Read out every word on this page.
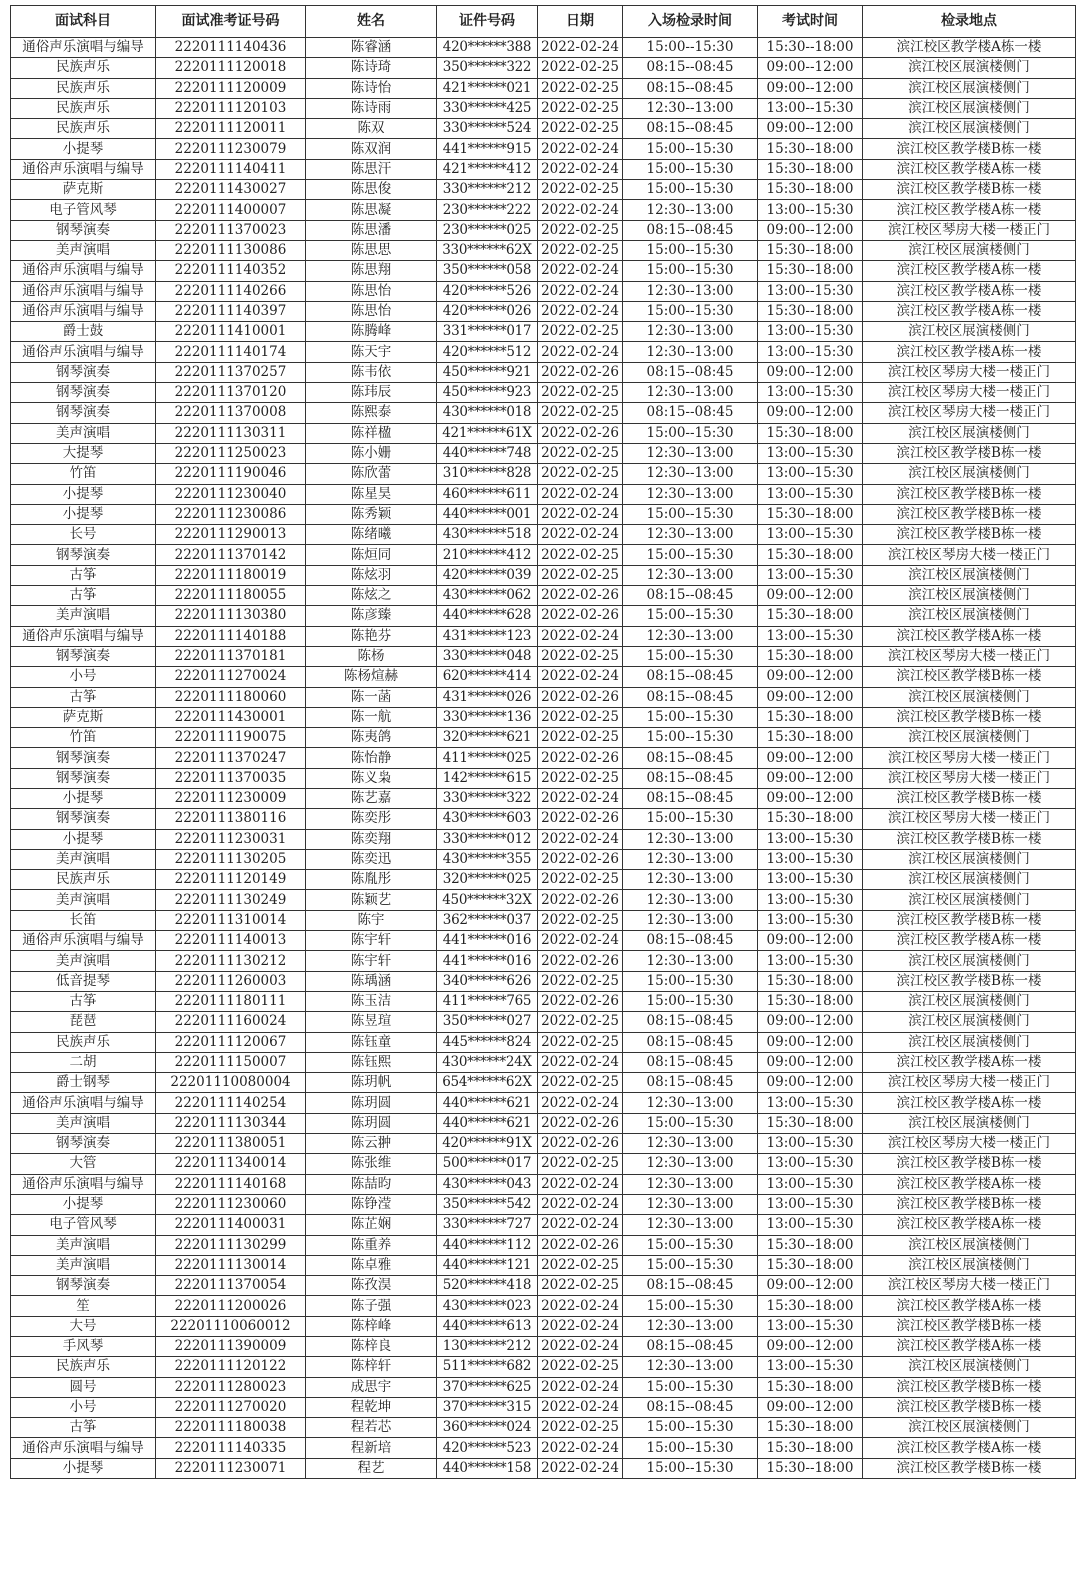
面试科目	面试准考证号码	姓名	证件号码	日期	入场检录时间	考试时间	检录地点
通俗声乐演唱与编导	2220111140436	陈睿涵	420******388	2022-02-24	15:00--15:30	15:30--18:00	滨江校区教学楼A栋一楼
民族声乐	2220111120018	陈诗琦	350******322	2022-02-25	08:15--08:45	09:00--12:00	滨江校区展演楼侧门
民族声乐	2220111120009	陈诗怡	421******021	2022-02-25	08:15--08:45	09:00--12:00	滨江校区展演楼侧门
民族声乐	2220111120103	陈诗雨	330******425	2022-02-25	12:30--13:00	13:00--15:30	滨江校区展演楼侧门
民族声乐	2220111120011	陈双	330******524	2022-02-25	08:15--08:45	09:00--12:00	滨江校区展演楼侧门
小提琴	2220111230079	陈双润	441******915	2022-02-24	15:00--15:30	15:30--18:00	滨江校区教学楼B栋一楼
通俗声乐演唱与编导	2220111140411	陈思汗	421******412	2022-02-24	15:00--15:30	15:30--18:00	滨江校区教学楼A栋一楼
萨克斯	2220111430027	陈思俊	330******212	2022-02-25	15:00--15:30	15:30--18:00	滨江校区教学楼B栋一楼
电子管风琴	2220111400007	陈思凝	230******222	2022-02-24	12:30--13:00	13:00--15:30	滨江校区教学楼A栋一楼
钢琴演奏	2220111370023	陈思潘	230******025	2022-02-25	08:15--08:45	09:00--12:00	滨江校区琴房大楼一楼正门
美声演唱	2220111130086	陈思思	330******62X	2022-02-25	15:00--15:30	15:30--18:00	滨江校区展演楼侧门
通俗声乐演唱与编导	2220111140352	陈思翔	350******058	2022-02-24	15:00--15:30	15:30--18:00	滨江校区教学楼A栋一楼
通俗声乐演唱与编导	2220111140266	陈思怡	420******526	2022-02-24	12:30--13:00	13:00--15:30	滨江校区教学楼A栋一楼
通俗声乐演唱与编导	2220111140397	陈思怡	420******026	2022-02-24	15:00--15:30	15:30--18:00	滨江校区教学楼A栋一楼
爵士鼓	2220111410001	陈腾峰	331******017	2022-02-25	12:30--13:00	13:00--15:30	滨江校区展演楼侧门
通俗声乐演唱与编导	2220111140174	陈天宇	420******512	2022-02-24	12:30--13:00	13:00--15:30	滨江校区教学楼A栋一楼
钢琴演奏	2220111370257	陈韦依	450******921	2022-02-26	08:15--08:45	09:00--12:00	滨江校区琴房大楼一楼正门
钢琴演奏	2220111370120	陈玮辰	450******923	2022-02-25	12:30--13:00	13:00--15:30	滨江校区琴房大楼一楼正门
钢琴演奏	2220111370008	陈熙泰	430******018	2022-02-25	08:15--08:45	09:00--12:00	滨江校区琴房大楼一楼正门
美声演唱	2220111130311	陈祥楹	421******61X	2022-02-26	15:00--15:30	15:30--18:00	滨江校区展演楼侧门
大提琴	2220111250023	陈小姗	440******748	2022-02-25	12:30--13:00	13:00--15:30	滨江校区教学楼B栋一楼
竹笛	2220111190046	陈欣蕾	310******828	2022-02-25	12:30--13:00	13:00--15:30	滨江校区展演楼侧门
小提琴	2220111230040	陈星昊	460******611	2022-02-24	12:30--13:00	13:00--15:30	滨江校区教学楼B栋一楼
小提琴	2220111230086	陈秀颖	440******001	2022-02-24	15:00--15:30	15:30--18:00	滨江校区教学楼B栋一楼
长号	2220111290013	陈绪曦	430******518	2022-02-24	12:30--13:00	13:00--15:30	滨江校区教学楼B栋一楼
钢琴演奏	2220111370142	陈烜同	210******412	2022-02-25	15:00--15:30	15:30--18:00	滨江校区琴房大楼一楼正门
古筝	2220111180019	陈炫羽	420******039	2022-02-25	12:30--13:00	13:00--15:30	滨江校区展演楼侧门
古筝	2220111180055	陈炫之	430******062	2022-02-26	08:15--08:45	09:00--12:00	滨江校区展演楼侧门
美声演唱	2220111130380	陈彦臻	440******628	2022-02-26	15:00--15:30	15:30--18:00	滨江校区展演楼侧门
通俗声乐演唱与编导	2220111140188	陈艳芬	431******123	2022-02-24	12:30--13:00	13:00--15:30	滨江校区教学楼A栋一楼
钢琴演奏	2220111370181	陈杨	330******048	2022-02-25	15:00--15:30	15:30--18:00	滨江校区琴房大楼一楼正门
小号	2220111270024	陈杨煊赫	620******414	2022-02-24	08:15--08:45	09:00--12:00	滨江校区教学楼B栋一楼
古筝	2220111180060	陈一菡	431******026	2022-02-26	08:15--08:45	09:00--12:00	滨江校区展演楼侧门
萨克斯	2220111430001	陈一航	330******136	2022-02-25	15:00--15:30	15:30--18:00	滨江校区教学楼B栋一楼
竹笛	2220111190075	陈夷鸽	320******621	2022-02-25	15:00--15:30	15:30--18:00	滨江校区展演楼侧门
钢琴演奏	2220111370247	陈怡静	411******025	2022-02-26	08:15--08:45	09:00--12:00	滨江校区琴房大楼一楼正门
钢琴演奏	2220111370035	陈义枭	142******615	2022-02-25	08:15--08:45	09:00--12:00	滨江校区琴房大楼一楼正门
小提琴	2220111230009	陈艺嘉	330******322	2022-02-24	08:15--08:45	09:00--12:00	滨江校区教学楼B栋一楼
钢琴演奏	2220111380116	陈奕彤	430******603	2022-02-26	15:00--15:30	15:30--18:00	滨江校区琴房大楼一楼正门
小提琴	2220111230031	陈奕翔	330******012	2022-02-24	12:30--13:00	13:00--15:30	滨江校区教学楼B栋一楼
美声演唱	2220111130205	陈奕迅	430******355	2022-02-26	12:30--13:00	13:00--15:30	滨江校区展演楼侧门
民族声乐	2220111120149	陈胤彤	320******025	2022-02-25	12:30--13:00	13:00--15:30	滨江校区展演楼侧门
美声演唱	2220111130249	陈颖艺	450******32X	2022-02-26	12:30--13:00	13:00--15:30	滨江校区展演楼侧门
长笛	2220111310014	陈宇	362******037	2022-02-25	12:30--13:00	13:00--15:30	滨江校区教学楼B栋一楼
通俗声乐演唱与编导	2220111140013	陈宇轩	441******016	2022-02-24	08:15--08:45	09:00--12:00	滨江校区教学楼A栋一楼
美声演唱	2220111130212	陈宇轩	441******016	2022-02-26	12:30--13:00	13:00--15:30	滨江校区展演楼侧门
低音提琴	2220111260003	陈瑀涵	340******626	2022-02-25	15:00--15:30	15:30--18:00	滨江校区教学楼B栋一楼
古筝	2220111180111	陈玉洁	411******765	2022-02-26	15:00--15:30	15:30--18:00	滨江校区展演楼侧门
琵琶	2220111160024	陈昱瑄	350******027	2022-02-25	08:15--08:45	09:00--12:00	滨江校区展演楼侧门
民族声乐	2220111120067	陈钰童	445******824	2022-02-25	08:15--08:45	09:00--12:00	滨江校区展演楼侧门
二胡	2220111150007	陈钰熙	430******24X	2022-02-24	08:15--08:45	09:00--12:00	滨江校区教学楼A栋一楼
爵士钢琴	22201110080004	陈玥帆	654******62X	2022-02-25	08:15--08:45	09:00--12:00	滨江校区琴房大楼一楼正门
通俗声乐演唱与编导	2220111140254	陈玥圆	440******621	2022-02-24	12:30--13:00	13:00--15:30	滨江校区教学楼A栋一楼
美声演唱	2220111130344	陈玥圆	440******621	2022-02-26	15:00--15:30	15:30--18:00	滨江校区展演楼侧门
钢琴演奏	2220111380051	陈云翀	420******91X	2022-02-26	12:30--13:00	13:00--15:30	滨江校区琴房大楼一楼正门
大管	2220111340014	陈张维	500******017	2022-02-25	12:30--13:00	13:00--15:30	滨江校区教学楼B栋一楼
通俗声乐演唱与编导	2220111140168	陈喆昀	430******043	2022-02-24	12:30--13:00	13:00--15:30	滨江校区教学楼A栋一楼
小提琴	2220111230060	陈铮滢	350******542	2022-02-24	12:30--13:00	13:00--15:30	滨江校区教学楼B栋一楼
电子管风琴	2220111400031	陈芷娴	330******727	2022-02-24	12:30--13:00	13:00--15:30	滨江校区教学楼A栋一楼
美声演唱	2220111130299	陈重养	440******112	2022-02-26	15:00--15:30	15:30--18:00	滨江校区展演楼侧门
美声演唱	2220111130014	陈卓雅	440******121	2022-02-25	15:00--15:30	15:30--18:00	滨江校区展演楼侧门
钢琴演奏	2220111370054	陈孜淏	520******418	2022-02-25	08:15--08:45	09:00--12:00	滨江校区琴房大楼一楼正门
笙	2220111200026	陈子强	430******023	2022-02-24	15:00--15:30	15:30--18:00	滨江校区教学楼A栋一楼
大号	22201110060012	陈梓峰	440******613	2022-02-24	12:30--13:00	13:00--15:30	滨江校区教学楼B栋一楼
手风琴	2220111390009	陈梓良	130******212	2022-02-24	08:15--08:45	09:00--12:00	滨江校区教学楼A栋一楼
民族声乐	2220111120122	陈梓轩	511******682	2022-02-25	12:30--13:00	13:00--15:30	滨江校区展演楼侧门
圆号	2220111280023	成思宇	370******625	2022-02-24	15:00--15:30	15:30--18:00	滨江校区教学楼B栋一楼
小号	2220111270020	程乾坤	370******315	2022-02-24	08:15--08:45	09:00--12:00	滨江校区教学楼B栋一楼
古筝	2220111180038	程若芯	360******024	2022-02-25	15:00--15:30	15:30--18:00	滨江校区展演楼侧门
通俗声乐演唱与编导	2220111140335	程新培	420******523	2022-02-24	15:00--15:30	15:30--18:00	滨江校区教学楼A栋一楼
小提琴	2220111230071	程艺	440******158	2022-02-24	15:00--15:30	15:30--18:00	滨江校区教学楼B栋一楼
